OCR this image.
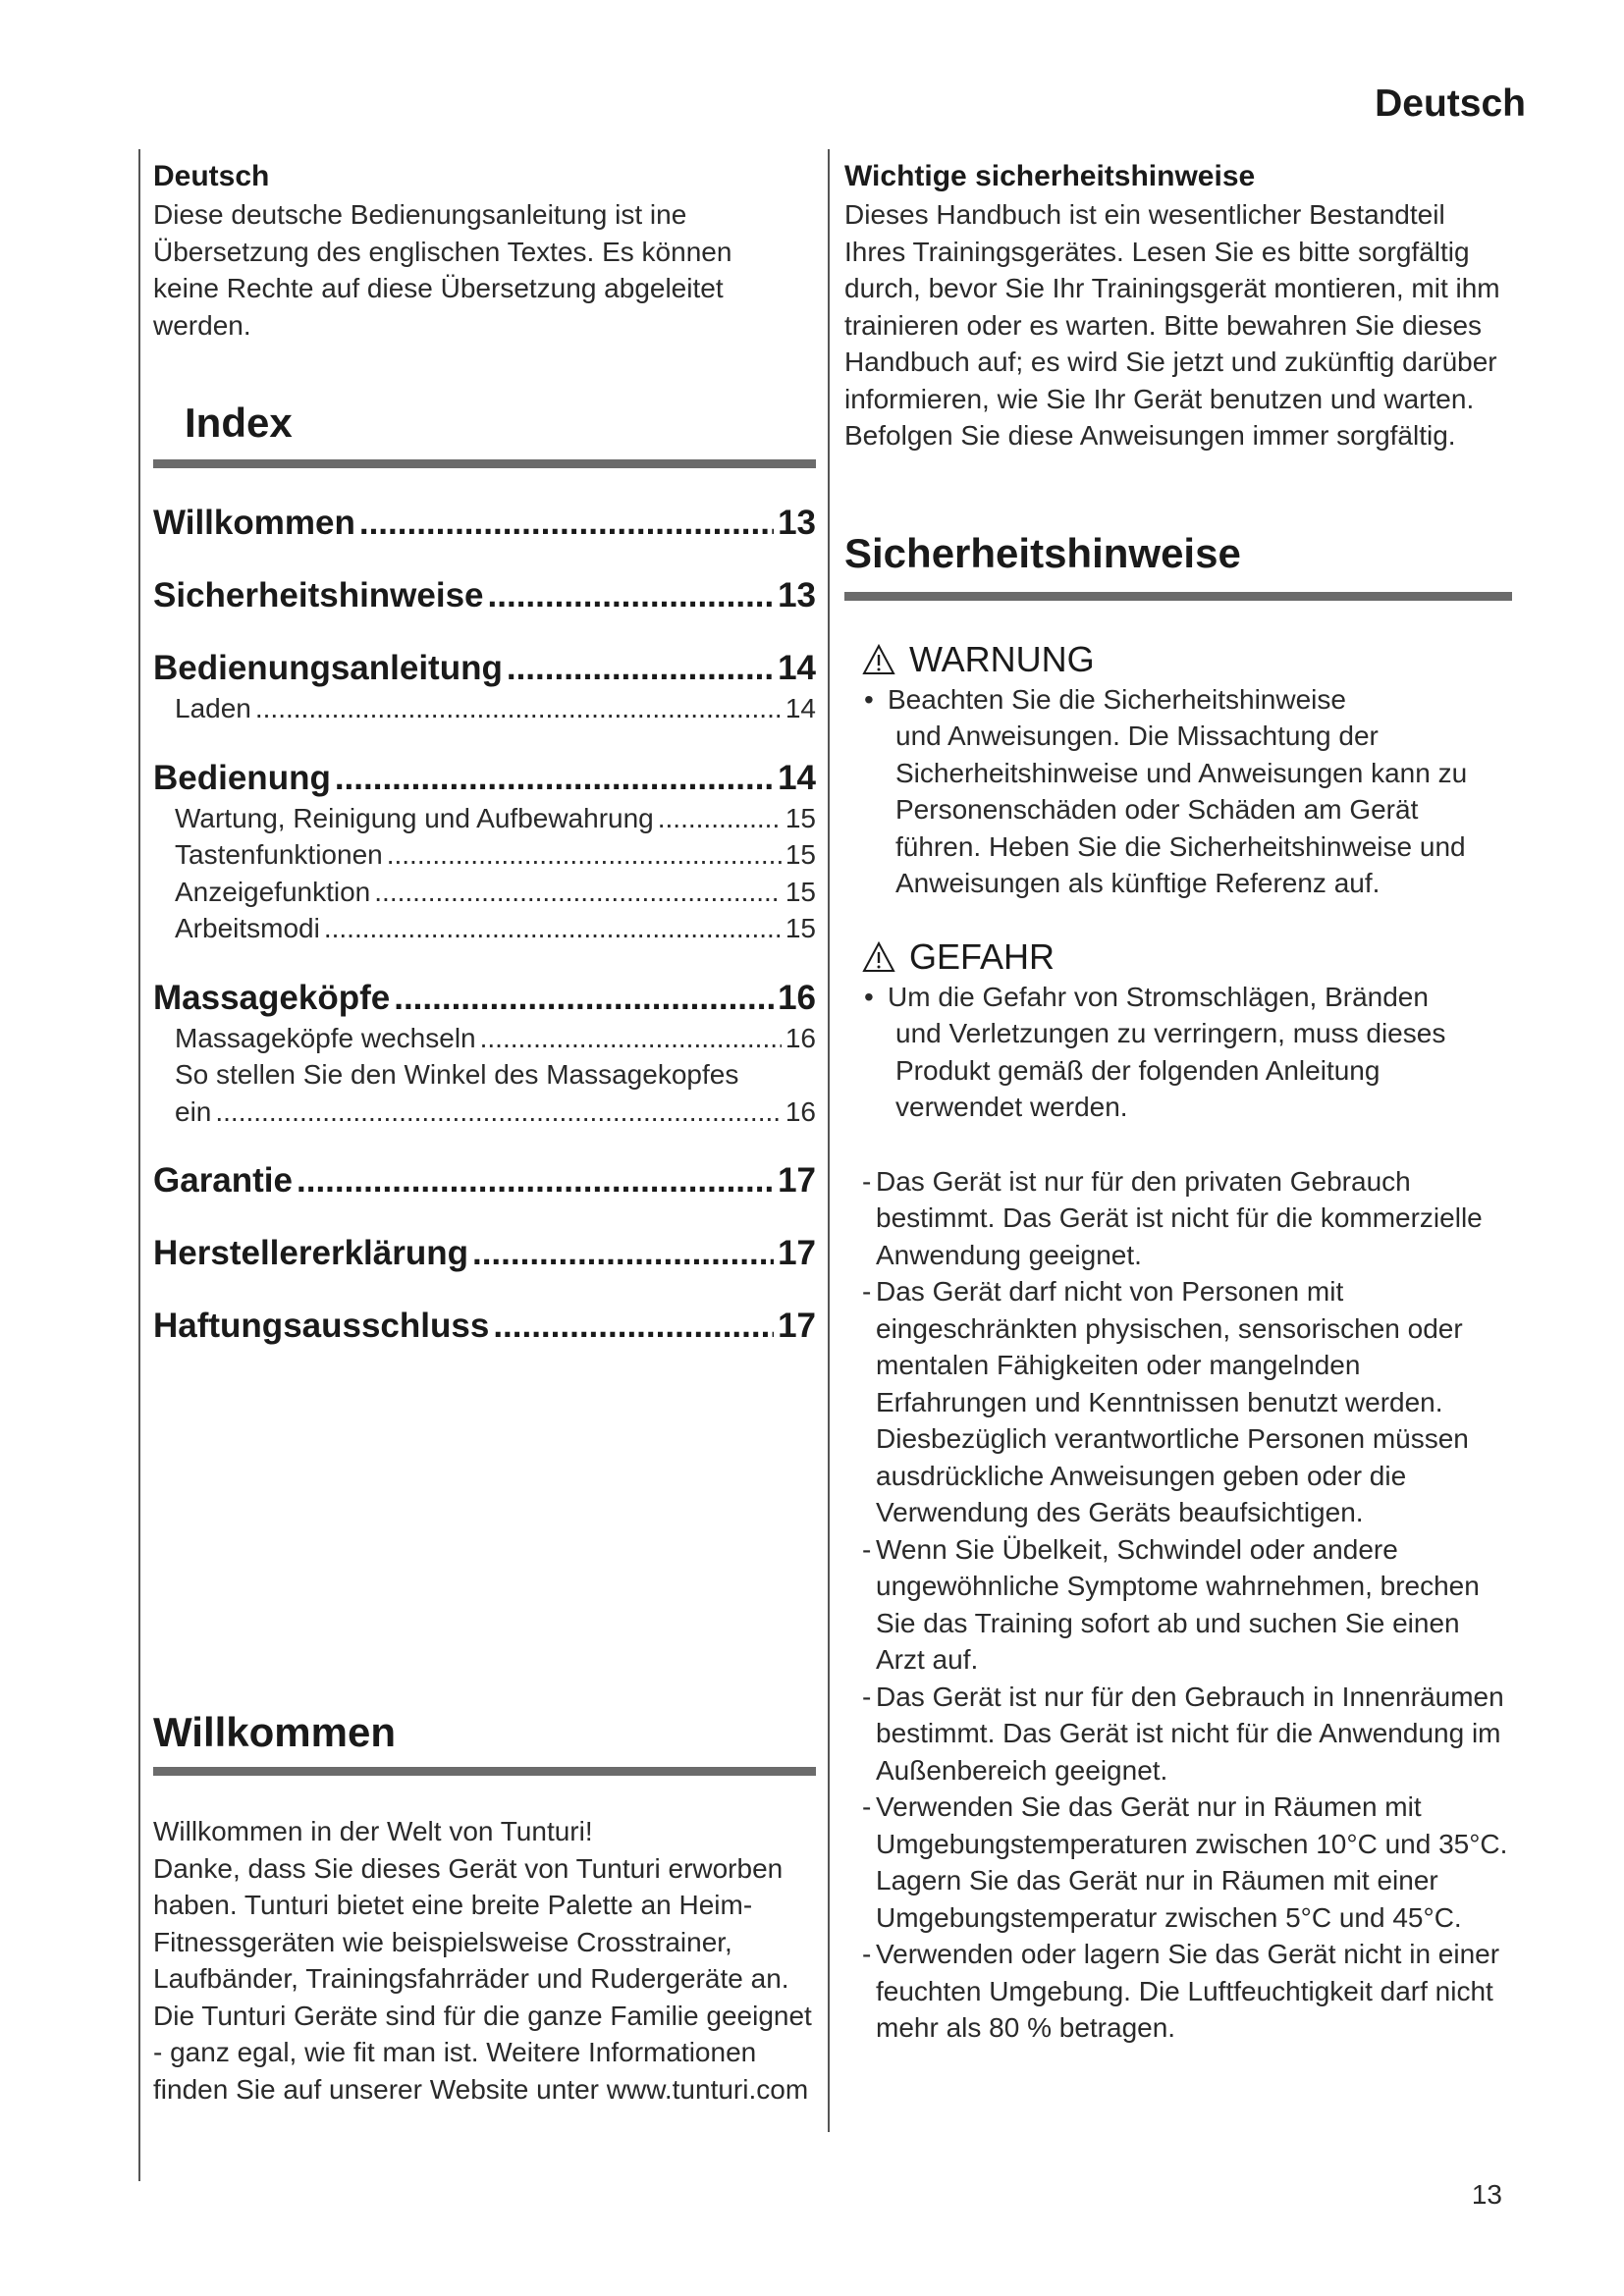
Deutsch
Deutsch
Diese deutsche Bedienungsanleitung ist ine Übersetzung des englischen Textes. Es können keine Rechte auf diese Übersetzung abgeleitet werden.
Index
Willkommen .....	13
Sicherheitshinweise .....	13
Bedienungsanleitung .....	14
Laden .....	14
Bedienung .....	14
Wartung, Reinigung und Aufbewahrung .....	15
Tastenfunktionen .....	15
Anzeigefunktion .....	15
Arbeitsmodi .....	15
Massageköpfe .....	16
Massageköpfe wechseln .....	16
So stellen Sie den Winkel des Massagekopfes
ein .....	16
Garantie .....	17
Herstellererklärung .....	17
Haftungsausschluss .....	17
Willkommen
Willkommen in der Welt von Tunturi!
Danke, dass Sie dieses Gerät von Tunturi erworben haben. Tunturi bietet eine breite Palette an Heim-Fitnessgeräten wie beispielsweise Crosstrainer, Laufbänder, Trainingsfahrräder und Rudergeräte an. Die Tunturi Geräte sind für die ganze Familie geeignet - ganz egal, wie fit man ist. Weitere Informationen finden Sie auf unserer Website unter www.tunturi.com
Wichtige sicherheitshinweise
Dieses Handbuch ist ein wesentlicher Bestandteil Ihres Trainingsgerätes. Lesen Sie es bitte sorgfältig durch, bevor Sie Ihr Trainingsgerät montieren, mit ihm trainieren oder es warten. Bitte bewahren Sie dieses Handbuch auf; es wird Sie jetzt und zukünftig darüber informieren, wie Sie Ihr Gerät benutzen und warten. Befolgen Sie diese Anweisungen immer sorgfältig.
Sicherheitshinweise
WARNUNG
• Beachten Sie die Sicherheitshinweise
und Anweisungen. Die Missachtung der Sicherheitshinweise und Anweisungen kann zu Personenschäden oder Schäden am Gerät führen. Heben Sie die Sicherheitshinweise und Anweisungen als künftige Referenz auf.
GEFAHR
• Um die Gefahr von Stromschlägen, Bränden
und Verletzungen zu verringern, muss dieses Produkt gemäß der folgenden Anleitung verwendet werden.
- Das Gerät ist nur für den privaten Gebrauch bestimmt. Das Gerät ist nicht für die kommerzielle Anwendung geeignet.
- Das Gerät darf nicht von Personen mit eingeschränkten physischen, sensorischen oder mentalen Fähigkeiten oder mangelnden Erfahrungen und Kenntnissen benutzt werden. Diesbezüglich verantwortliche Personen müssen ausdrückliche Anweisungen geben oder die Verwendung des Geräts beaufsichtigen.
- Wenn Sie Übelkeit, Schwindel oder andere ungewöhnliche Symptome wahrnehmen, brechen Sie das Training sofort ab und suchen Sie einen Arzt auf.
- Das Gerät ist nur für den Gebrauch in Innenräumen bestimmt. Das Gerät ist nicht für die Anwendung im Außenbereich geeignet.
- Verwenden Sie das Gerät nur in Räumen mit Umgebungstemperaturen zwischen 10°C und 35°C. Lagern Sie das Gerät nur in Räumen mit einer Umgebungstemperatur zwischen 5°C und 45°C.
- Verwenden oder lagern Sie das Gerät nicht in einer feuchten Umgebung. Die Luftfeuchtigkeit darf nicht mehr als 80 % betragen.
13
